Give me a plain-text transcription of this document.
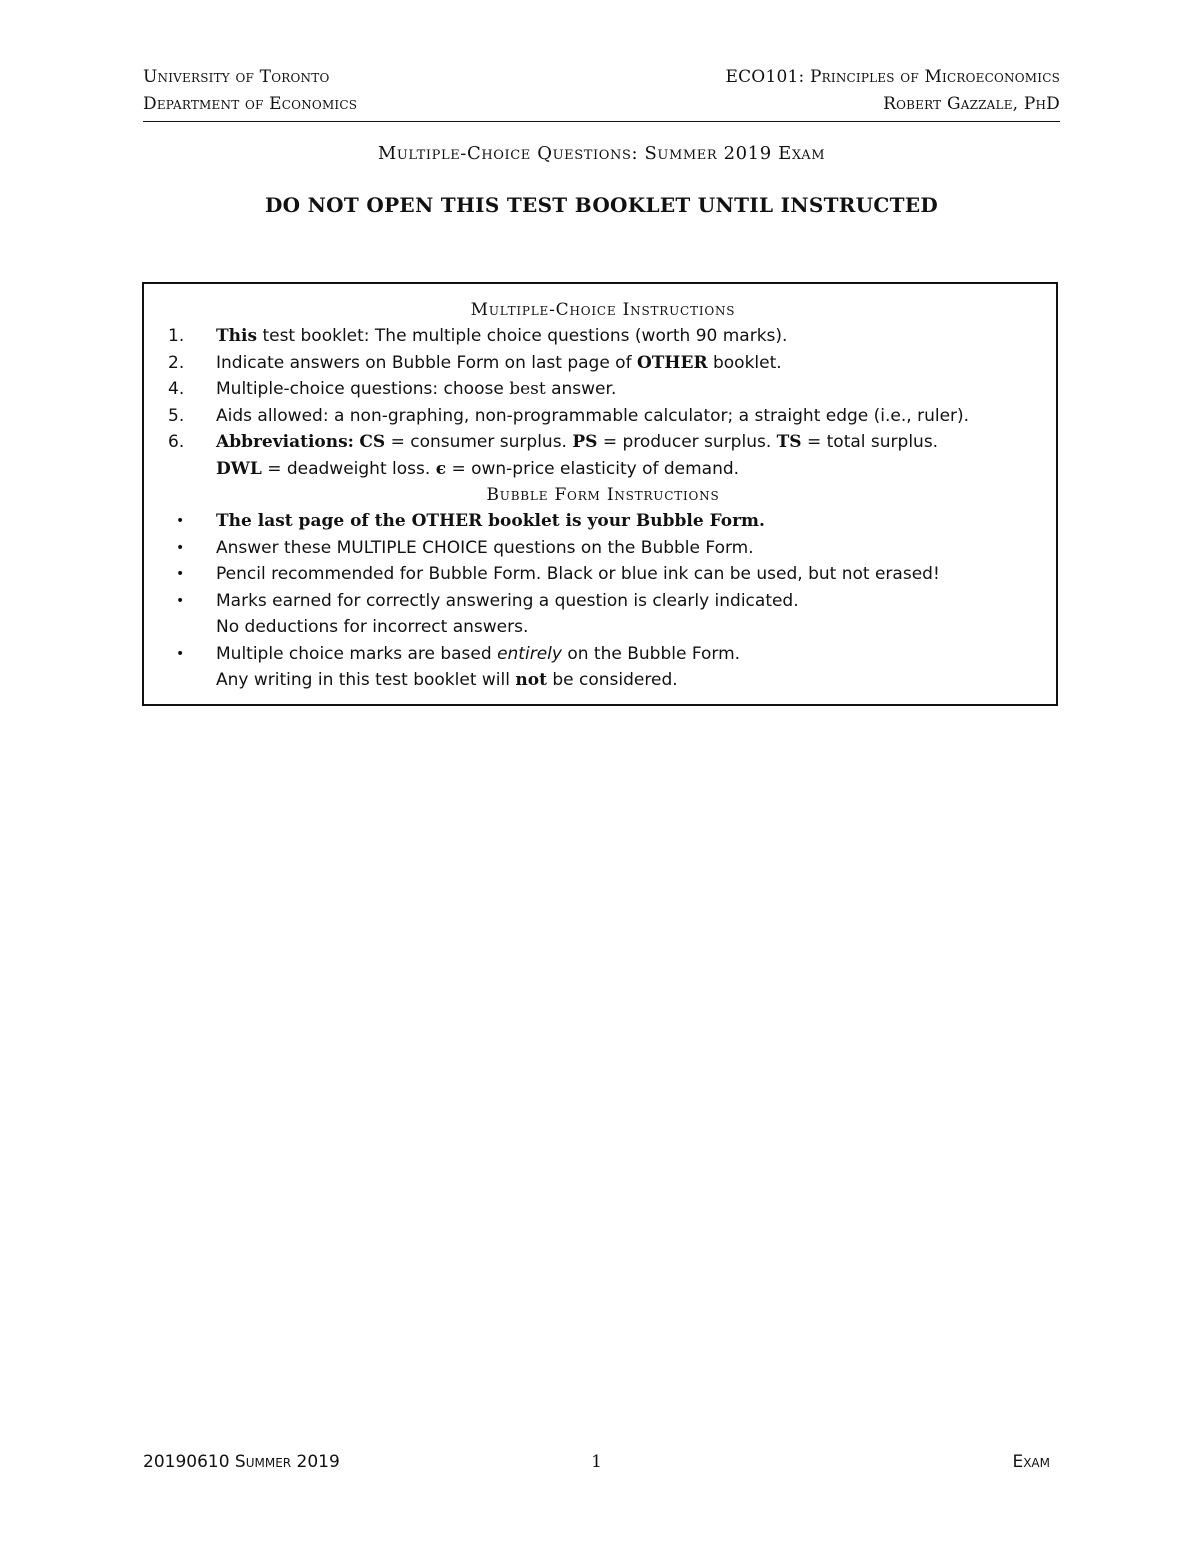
University of Toronto	ECO101: Principles of Microeconomics
Department of Economics	Robert Gazzale, PhD
Multiple-Choice Questions: Summer 2019 Exam
DO NOT OPEN THIS TEST BOOKLET UNTIL INSTRUCTED
Multiple-Choice Instructions
1.	This test booklet: The multiple choice questions (worth 90 marks).
2.	Indicate answers on Bubble Form on last page of OTHER booklet.
4.	Multiple-choice questions: choose best answer.
5.	Aids allowed: a non-graphing, non-programmable calculator; a straight edge (i.e., ruler).
6.	Abbreviations: CS = consumer surplus. PS = producer surplus. TS = total surplus.
DWL = deadweight loss. ϵ = own-price elasticity of demand.
Bubble Form Instructions
•	The last page of the OTHER booklet is your Bubble Form.
•	Answer these MULTIPLE CHOICE questions on the Bubble Form.
•	Pencil recommended for Bubble Form. Black or blue ink can be used, but not erased!
•	Marks earned for correctly answering a question is clearly indicated.
No deductions for incorrect answers.
•	Multiple choice marks are based entirely on the Bubble Form.
Any writing in this test booklet will not be considered.
20190610 Summer 2019	1	Exam
